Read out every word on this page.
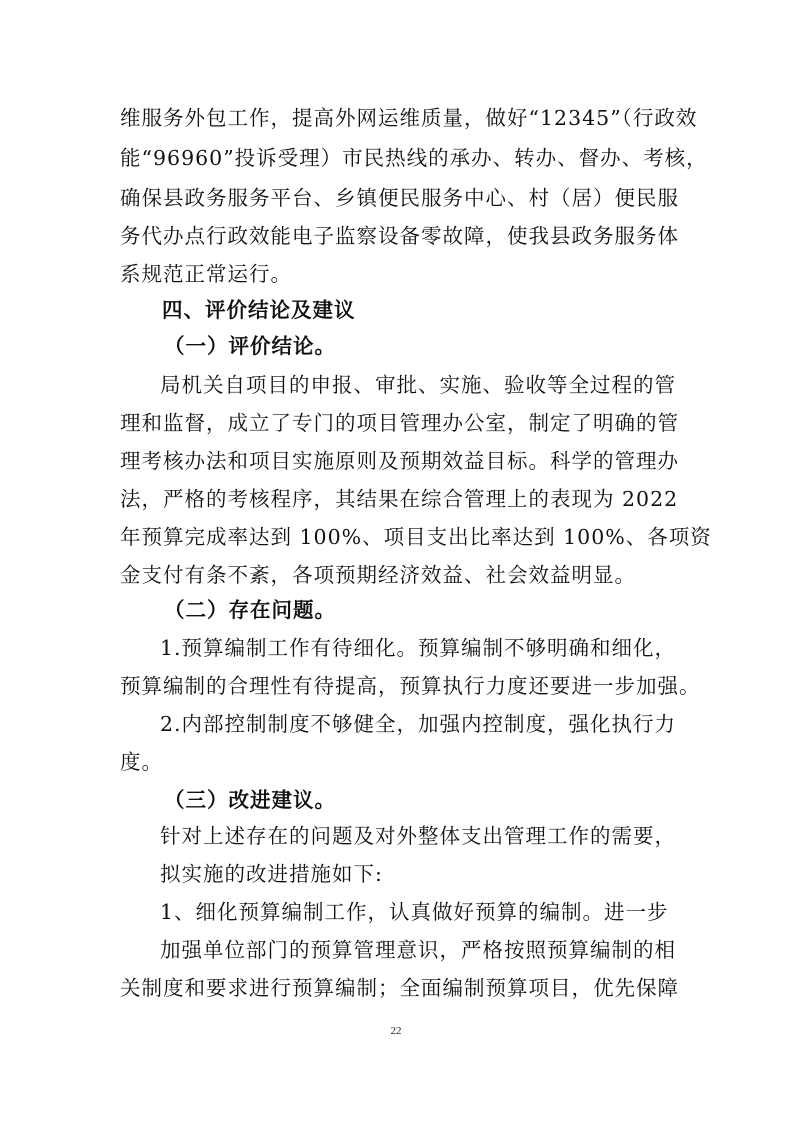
维服务外包工作，提高外网运维质量，做好“12345”（行政效
能“96960”投诉受理）市民热线的承办、转办、督办、考核，
确保县政务服务平台、乡镇便民服务中心、村（居）便民服
务代办点行政效能电子监察设备零故障，使我县政务服务体
系规范正常运行。
四、评价结论及建议
（一）评价结论。
局机关自项目的申报、审批、实施、验收等全过程的管
理和监督，成立了专门的项目管理办公室，制定了明确的管
理考核办法和项目实施原则及预期效益目标。科学的管理办
法，严格的考核程序，其结果在综合管理上的表现为 2022
年预算完成率达到 100%、项目支出比率达到 100%、各项资
金支付有条不紊，各项预期经济效益、社会效益明显。
（二）存在问题。
1.预算编制工作有待细化。预算编制不够明确和细化，
预算编制的合理性有待提高，预算执行力度还要进一步加强。
2.内部控制制度不够健全，加强内控制度，强化执行力
度。
（三）改进建议。
针对上述存在的问题及对外整体支出管理工作的需要，
拟实施的改进措施如下:
1、细化预算编制工作，认真做好预算的编制。进一步
加强单位部门的预算管理意识，严格按照预算编制的相
关制度和要求进行预算编制；全面编制预算项目，优先保障
22
